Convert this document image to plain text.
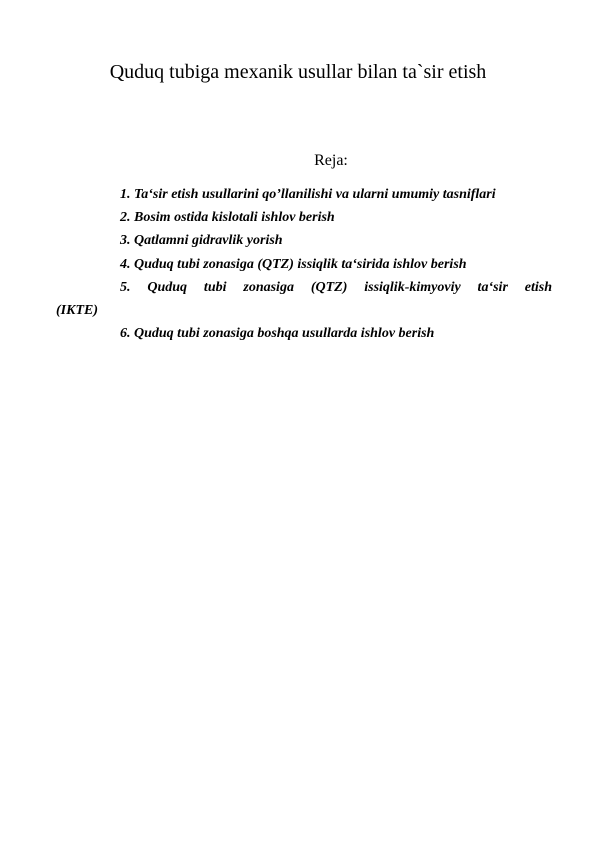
Quduq tubiga mexanik usullar bilan ta`sir etish
Reja:
1. Ta‘sir etish usullarini qo’llanilishi va ularni umumiy tasniflari
2. Bosim ostida kislotali ishlov berish
3. Qatlamni gidravlik yorish
4. Quduq tubi zonasiga (QTZ) issiqlik ta‘sirida ishlov berish
5. Quduq tubi zonasiga (QTZ) issiqlik-kimyoviy ta‘sir etish
(IKTE)
6. Quduq tubi zonasiga boshqa usullarda ishlov berish
